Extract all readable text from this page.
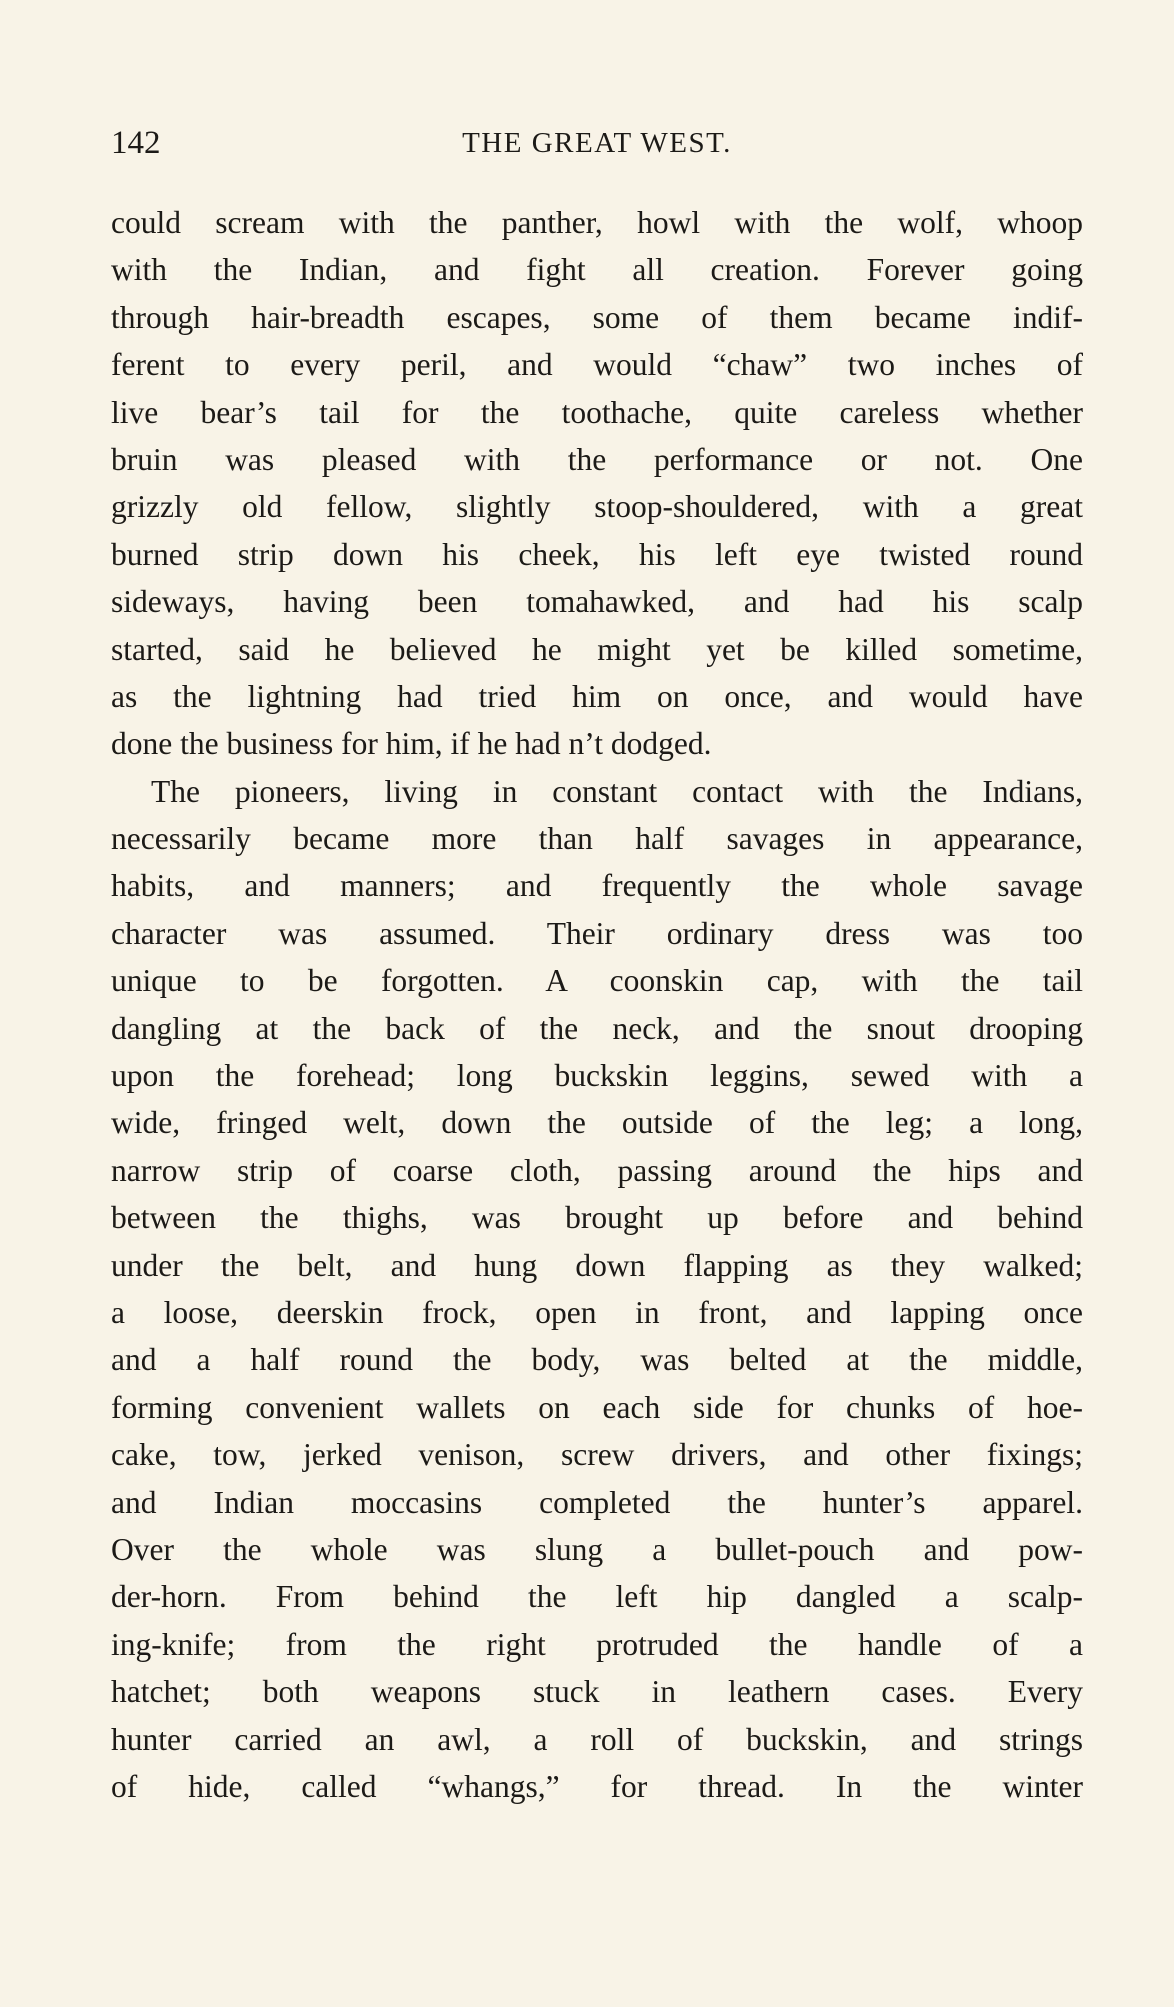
142	THE GREAT WEST.
could scream with the panther, howl with the wolf, whoop
with the Indian, and fight all creation. Forever going
through hair-breadth escapes, some of them became indif-
ferent to every peril, and would “chaw” two inches of
live bear’s tail for the toothache, quite careless whether
bruin was pleased with the performance or not. One
grizzly old fellow, slightly stoop-shouldered, with a great
burned strip down his cheek, his left eye twisted round
sideways, having been tomahawked, and had his scalp
started, said he believed he might yet be killed sometime,
as the lightning had tried him on once, and would have
done the business for him, if he had n’t dodged.
The pioneers, living in constant contact with the Indians,
necessarily became more than half savages in appearance,
habits, and manners; and frequently the whole savage
character was assumed. Their ordinary dress was too
unique to be forgotten. A coonskin cap, with the tail
dangling at the back of the neck, and the snout drooping
upon the forehead; long buckskin leggins, sewed with a
wide, fringed welt, down the outside of the leg; a long,
narrow strip of coarse cloth, passing around the hips and
between the thighs, was brought up before and behind
under the belt, and hung down flapping as they walked;
a loose, deerskin frock, open in front, and lapping once
and a half round the body, was belted at the middle,
forming convenient wallets on each side for chunks of hoe-
cake, tow, jerked venison, screw drivers, and other fixings;
and Indian moccasins completed the hunter’s apparel.
Over the whole was slung a bullet-pouch and pow-
der-horn. From behind the left hip dangled a scalp-
ing-knife; from the right protruded the handle of a
hatchet; both weapons stuck in leathern cases. Every
hunter carried an awl, a roll of buckskin, and strings
of hide, called “whangs,” for thread. In the winter
